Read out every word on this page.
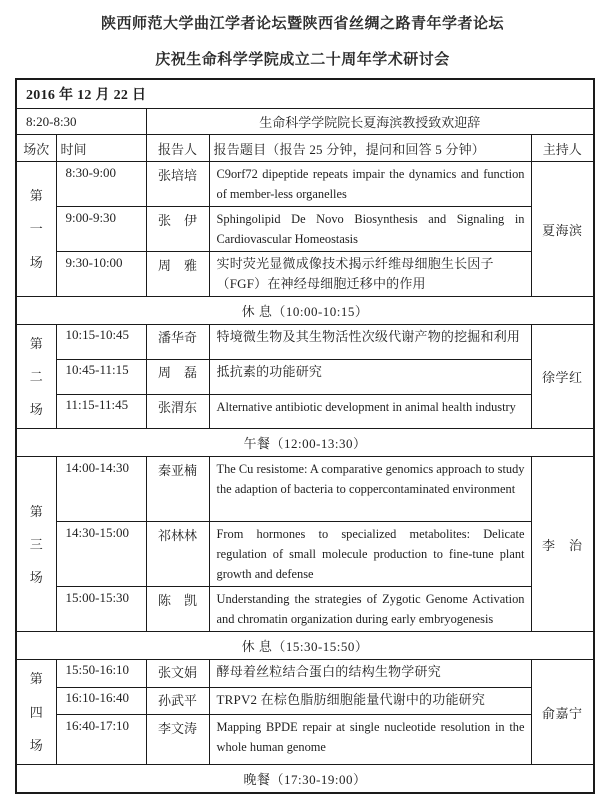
陕西师范大学曲江学者论坛暨陕西省丝绸之路青年学者论坛
庆祝生命科学学院成立二十周年学术研讨会
2016 年 12 月 22 日				
8:20-8:30		生命科学学院院长夏海滨教授致欢迎辞		
场次	时间	报告人	报告题目（报告 25 分钟，提问和回答 5 分钟）	主持人
第一场	8:30-9:00	张培培	C9orf72 dipeptide repeats impair the dynamics and function of member-less organelles	夏海滨
	9:00-9:30	张　伊	Sphingolipid De Novo Biosynthesis and Signaling in Cardiovascular Homeostasis	
	9:30-10:00	周　雅	实时荧光显微成像技术揭示纤维母细胞生长因子（FGF）在神经母细胞迁移中的作用	
休 息（10:00-10:15）				
第二场	10:15-10:45	潘华奇	特境微生物及其生物活性次级代谢产物的挖掘和利用	徐学红
	10:45-11:15	周　磊	抵抗素的功能研究	
	11:15-11:45	张渭东	Alternative antibiotic development in animal health industry	
午餐（12:00-13:30）				
第三场	14:00-14:30	秦亚楠	The Cu resistome: A comparative genomics approach to study the adaption of bacteria to coppercontaminated environment	李　治
	14:30-15:00	祁林林	From hormones to specialized metabolites: Delicate regulation of small molecule production to fine-tune plant growth and defense	
	15:00-15:30	陈　凯	Understanding the strategies of Zygotic Genome Activation and chromatin organization during early embryogenesis	
休 息（15:30-15:50）				
第四场	15:50-16:10	张文娟	酵母着丝粒结合蛋白的结构生物学研究	俞嘉宁
	16:10-16:40	孙武平	TRPV2 在棕色脂肪细胞能量代谢中的功能研究	
	16:40-17:10	李文涛	Mapping BPDE repair at single nucleotide resolution in the whole human genome	
晚餐（17:30-19:00）				
